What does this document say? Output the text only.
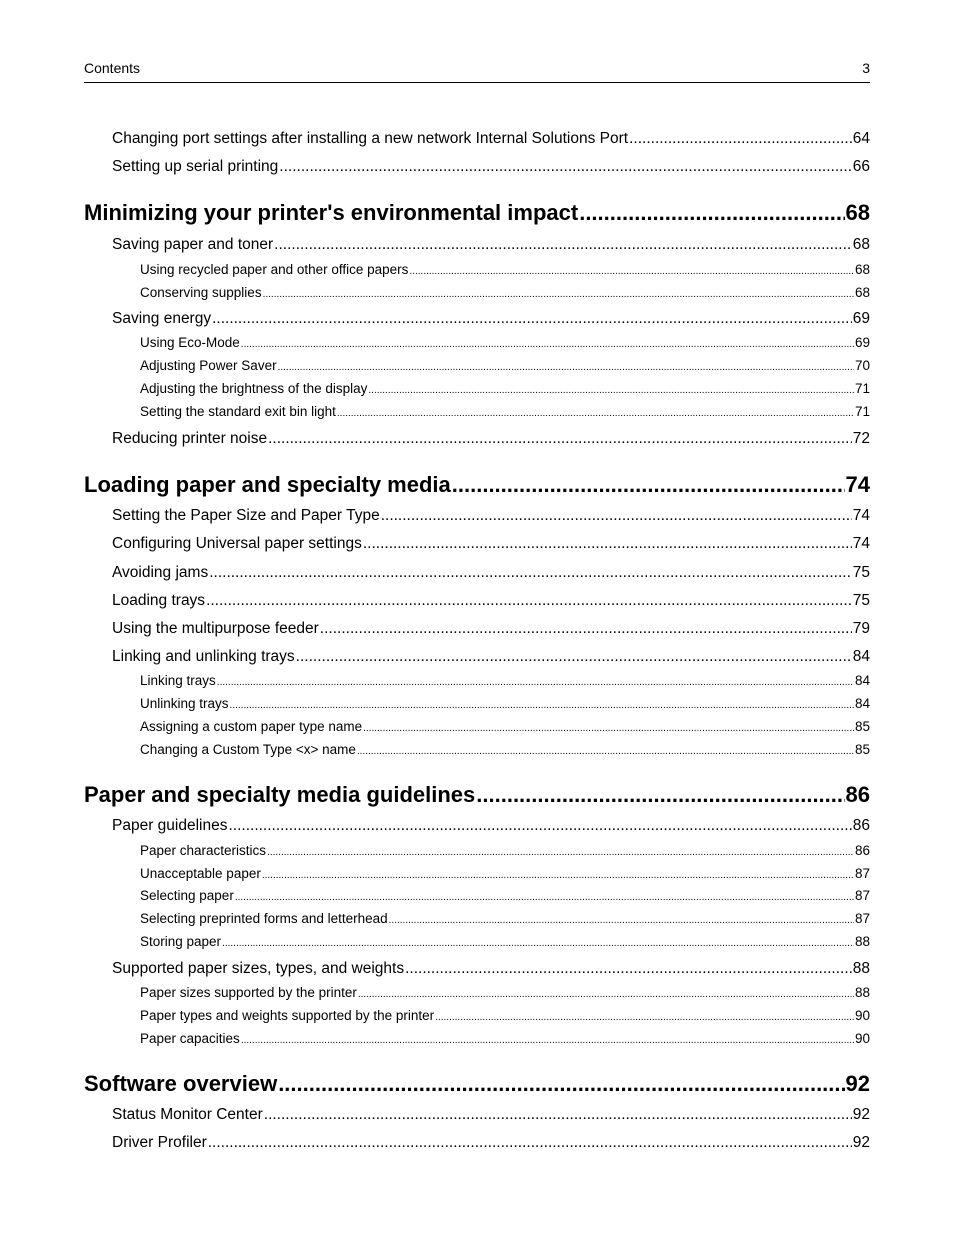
Contents	3
Changing port settings after installing a new network Internal Solutions Port .....	64
Setting up serial printing .....	66
Minimizing your printer's environmental impact .....	68
Saving paper and toner .....	68
Using recycled paper and other office papers .....	68
Conserving supplies .....	68
Saving energy .....	69
Using Eco-Mode .....	69
Adjusting Power Saver .....	70
Adjusting the brightness of the display .....	71
Setting the standard exit bin light .....	71
Reducing printer noise .....	72
Loading paper and specialty media .....	74
Setting the Paper Size and Paper Type .....	74
Configuring Universal paper settings .....	74
Avoiding jams .....	75
Loading trays .....	75
Using the multipurpose feeder .....	79
Linking and unlinking trays .....	84
Linking trays .....	84
Unlinking trays .....	84
Assigning a custom paper type name .....	85
Changing a Custom Type <x> name .....	85
Paper and specialty media guidelines .....	86
Paper guidelines .....	86
Paper characteristics .....	86
Unacceptable paper .....	87
Selecting paper .....	87
Selecting preprinted forms and letterhead .....	87
Storing paper .....	88
Supported paper sizes, types, and weights .....	88
Paper sizes supported by the printer .....	88
Paper types and weights supported by the printer .....	90
Paper capacities .....	90
Software overview .....	92
Status Monitor Center .....	92
Driver Profiler .....	92
